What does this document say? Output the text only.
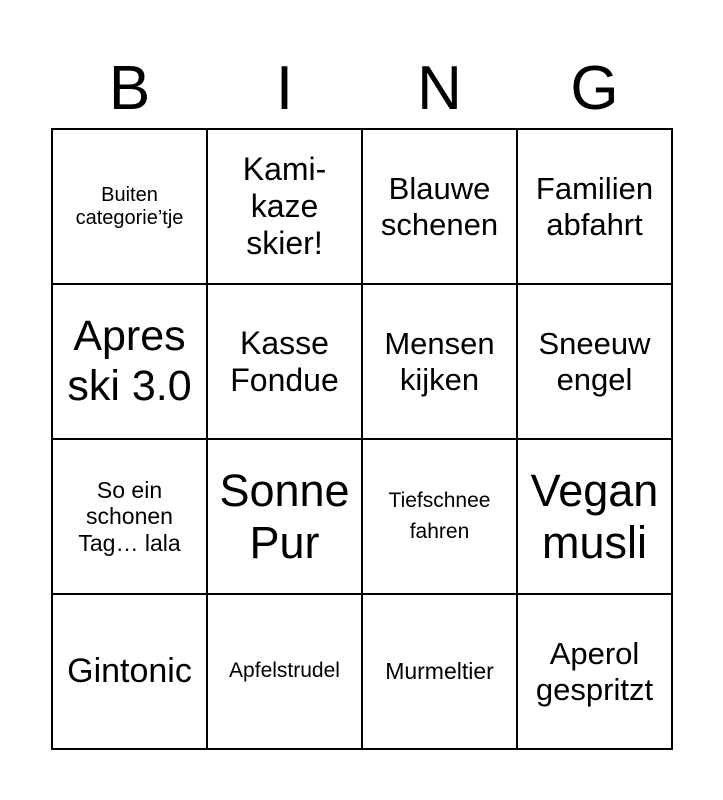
B	I	N	G
Buiten categorie’tje	Kami-kaze skier!	Blauwe schenen	Familien abfahrt
Apres ski 3.0	Kasse Fondue	Mensen kijken	Sneeuw engel
So ein schonen Tag… lala	Sonne Pur	Tiefschnee fahren	Vegan musli
Gintonic	Apfelstrudel	Murmeltier	Aperol gespritzt
